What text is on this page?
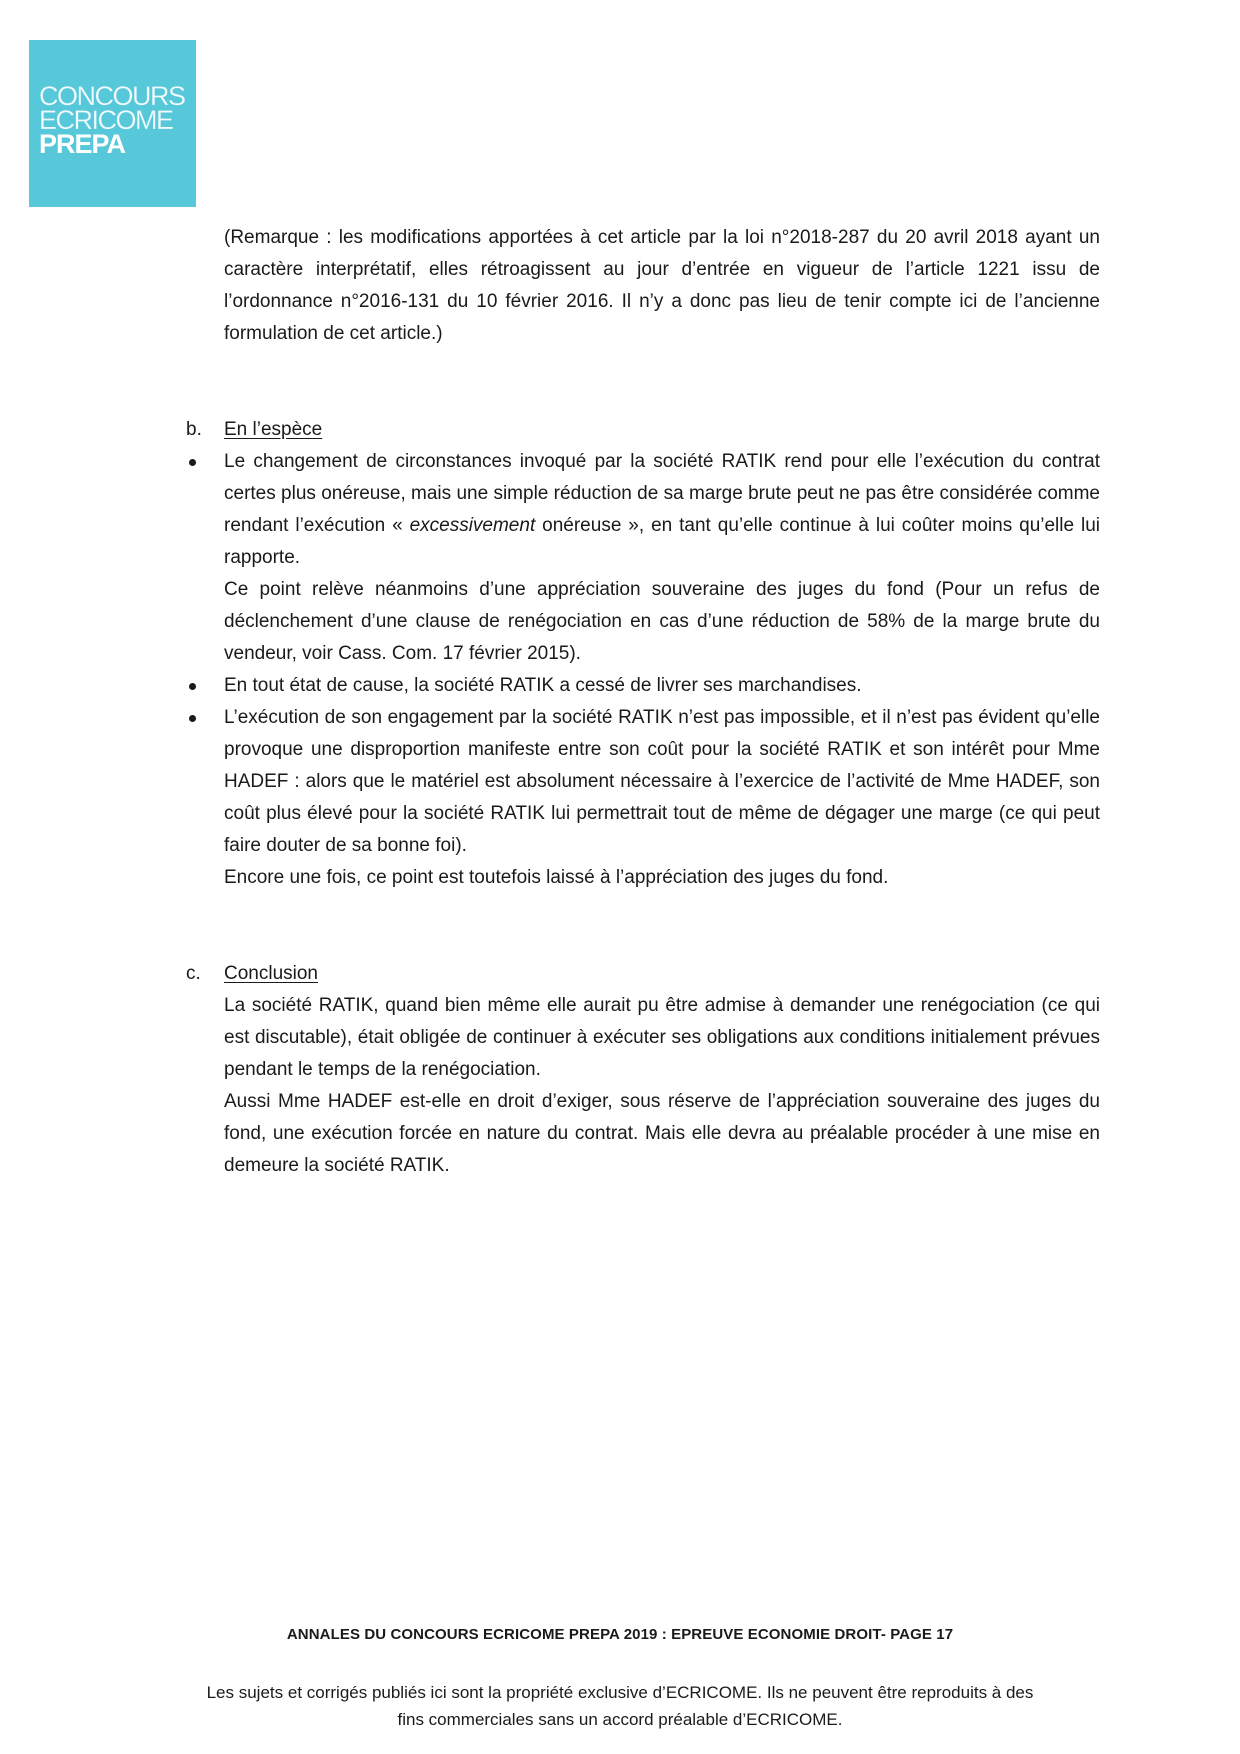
CONCOURS
ECRICOME
PREPA

(Remarque : les modifications apportées à cet article par la loi n°2018-287 du 20 avril 2018 ayant un caractère interprétatif, elles rétroagissent au jour d’entrée en vigueur de l’article 1221 issu de l’ordonnance n°2016-131 du 10 février 2016. Il n’y a donc pas lieu de tenir compte ici de l’ancienne formulation de cet article.)

b. En l’espèce

Le changement de circonstances invoqué par la société RATIK rend pour elle l’exécution du contrat certes plus onéreuse, mais une simple réduction de sa marge brute peut ne pas être considérée comme rendant l’exécution « excessivement onéreuse », en tant qu’elle continue à lui coûter moins qu’elle lui rapporte.

Ce point relève néanmoins d’une appréciation souveraine des juges du fond (Pour un refus de déclenchement d’une clause de renégociation en cas d’une réduction de 58% de la marge brute du vendeur, voir Cass. Com. 17 février 2015).

En tout état de cause, la société RATIK a cessé de livrer ses marchandises.
L’exécution de son engagement par la société RATIK n’est pas impossible, et il n’est pas évident qu’elle provoque une disproportion manifeste entre son coût pour la société RATIK et son intérêt pour Mme HADEF : alors que le matériel est absolument nécessaire à l’exercice de l’activité de Mme HADEF, son coût plus élevé pour la société RATIK lui permettrait tout de même de dégager une marge (ce qui peut faire douter de sa bonne foi).

Encore une fois, ce point est toutefois laissé à l’appréciation des juges du fond.

c. Conclusion

La société RATIK, quand bien même elle aurait pu être admise à demander une renégociation (ce qui est discutable), était obligée de continuer à exécuter ses obligations aux conditions initialement prévues pendant le temps de la renégociation.

Aussi Mme HADEF est-elle en droit d’exiger, sous réserve de l’appréciation souveraine des juges du fond, une exécution forcée en nature du contrat. Mais elle devra au préalable procéder à une mise en demeure la société RATIK.

ANNALES DU CONCOURS ECRICOME PREPA 2019 : EPREUVE ECONOMIE DROIT- PAGE 17
Les sujets et corrigés publiés ici sont la propriété exclusive d’ECRICOME. Ils ne peuvent être reproduits à des
fins commerciales sans un accord préalable d’ECRICOME.
